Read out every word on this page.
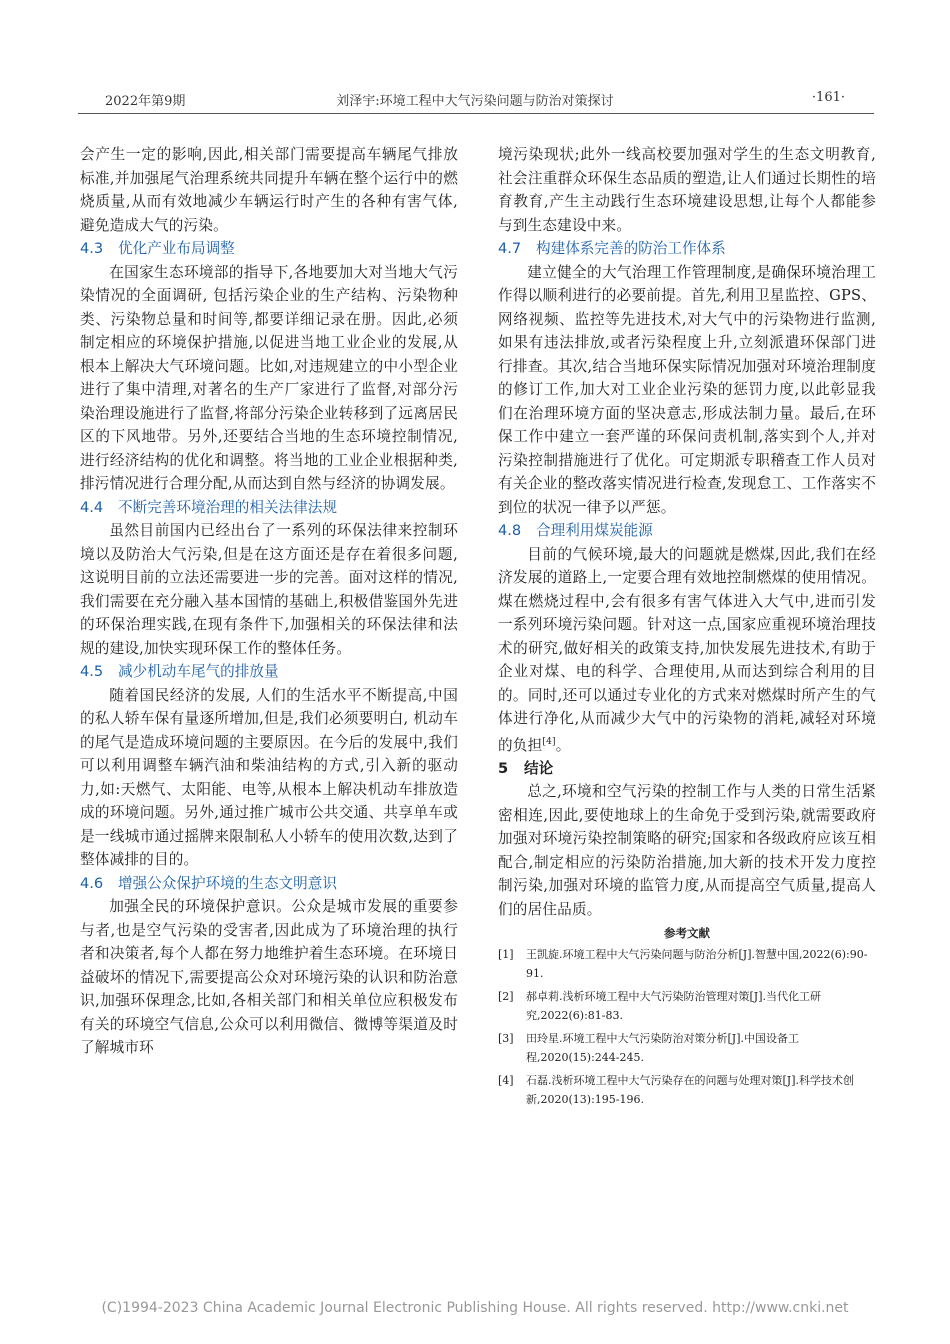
2022年第9期	刘泽宇:环境工程中大气污染问题与防治对策探讨	·161·

会产生一定的影响,因此,相关部门需要提高车辆尾气排放标准,并加强尾气治理系统共同提升车辆在整个运行中的燃烧质量,从而有效地减少车辆运行时产生的各种有害气体,避免造成大气的污染。

4.3 优化产业布局调整

在国家生态环境部的指导下,各地要加大对当地大气污染情况的全面调研, 包括污染企业的生产结构、污染物种类、污染物总量和时间等,都要详细记录在册。因此,必须制定相应的环境保护措施,以促进当地工业企业的发展,从根本上解决大气环境问题。比如,对违规建立的中小型企业进行了集中清理,对著名的生产厂家进行了监督,对部分污染治理设施进行了监督,将部分污染企业转移到了远离居民区的下风地带。另外,还要结合当地的生态环境控制情况,进行经济结构的优化和调整。将当地的工业企业根据种类,排污情况进行合理分配,从而达到自然与经济的协调发展。

4.4 不断完善环境治理的相关法律法规

虽然目前国内已经出台了一系列的环保法律来控制环境以及防治大气污染,但是在这方面还是存在着很多问题, 这说明目前的立法还需要进一步的完善。面对这样的情况,我们需要在充分融入基本国情的基础上,积极借鉴国外先进的环保治理实践,在现有条件下,加强相关的环保法律和法规的建设,加快实现环保工作的整体任务。

4.5 减少机动车尾气的排放量

随着国民经济的发展, 人们的生活水平不断提高,中国的私人轿车保有量逐所增加,但是,我们必须要明白, 机动车的尾气是造成环境问题的主要原因。在今后的发展中,我们可以利用调整车辆汽油和柴油结构的方式,引入新的驱动力,如:天燃气、太阳能、电等,从根本上解决机动车排放造成的环境问题。另外,通过推广城市公共交通、共享单车或是一线城市通过摇牌来限制私人小轿车的使用次数,达到了整体减排的目的。

4.6 增强公众保护环境的生态文明意识

加强全民的环境保护意识。公众是城市发展的重要参与者,也是空气污染的受害者,因此成为了环境治理的执行者和决策者,每个人都在努力地维护着生态环境。在环境日益破坏的情况下,需要提高公众对环境污染的认识和防治意识,加强环保理念,比如,各相关部门和相关单位应积极发布有关的环境空气信息,公众可以利用微信、微博等渠道及时了解城市环

境污染现状;此外一线高校要加强对学生的生态文明教育,社会注重群众环保生态品质的塑造,让人们通过长期性的培育教育,产生主动践行生态环境建设思想,让每个人都能参与到生态建设中来。

4.7 构建体系完善的防治工作体系

建立健全的大气治理工作管理制度,是确保环境治理工作得以顺利进行的必要前提。首先,利用卫星监控、GPS、网络视频、监控等先进技术,对大气中的污染物进行监测,如果有违法排放,或者污染程度上升,立刻派遣环保部门进行排查。其次,结合当地环保实际情况加强对环境治理制度的修订工作,加大对工业企业污染的惩罚力度,以此彰显我们在治理环境方面的坚决意志,形成法制力量。最后,在环保工作中建立一套严谨的环保问责机制,落实到个人,并对污染控制措施进行了优化。可定期派专职稽查工作人员对有关企业的整改落实情况进行检查,发现怠工、工作落实不到位的状况一律予以严惩。

4.8 合理利用煤炭能源

目前的气候环境,最大的问题就是燃煤,因此,我们在经济发展的道路上,一定要合理有效地控制燃煤的使用情况。煤在燃烧过程中,会有很多有害气体进入大气中,进而引发一系列环境污染问题。针对这一点,国家应重视环境治理技术的研究,做好相关的政策支持,加快发展先进技术,有助于企业对煤、电的科学、合理使用,从而达到综合利用的目的。同时,还可以通过专业化的方式来对燃煤时所产生的气体进行净化,从而减少大气中的污染物的消耗,减轻对环境的负担[4]。

5 结论

总之,环境和空气污染的控制工作与人类的日常生活紧密相连,因此,要使地球上的生命免于受到污染,就需要政府加强对环境污染控制策略的研究;国家和各级政府应该互相配合,制定相应的污染防治措施,加大新的技术开发力度控制污染,加强对环境的监管力度,从而提高空气质量,提高人们的居住品质。

参考文献

[1] 王凯旋.环境工程中大气污染问题与防治分析[J].智慧中国,2022(6):90-91.

[2] 郝卓莉.浅析环境工程中大气污染防治管理对策[J].当代化工研究,2022(6):81-83.

[3] 田玲星.环境工程中大气污染防治对策分析[J].中国设备工程,2020(15):244-245.

[4] 石磊.浅析环境工程中大气污染存在的问题与处理对策[J].科学技术创新,2020(13):195-196.

(C)1994-2023 China Academic Journal Electronic Publishing House. All rights reserved. http://www.cnki.net
